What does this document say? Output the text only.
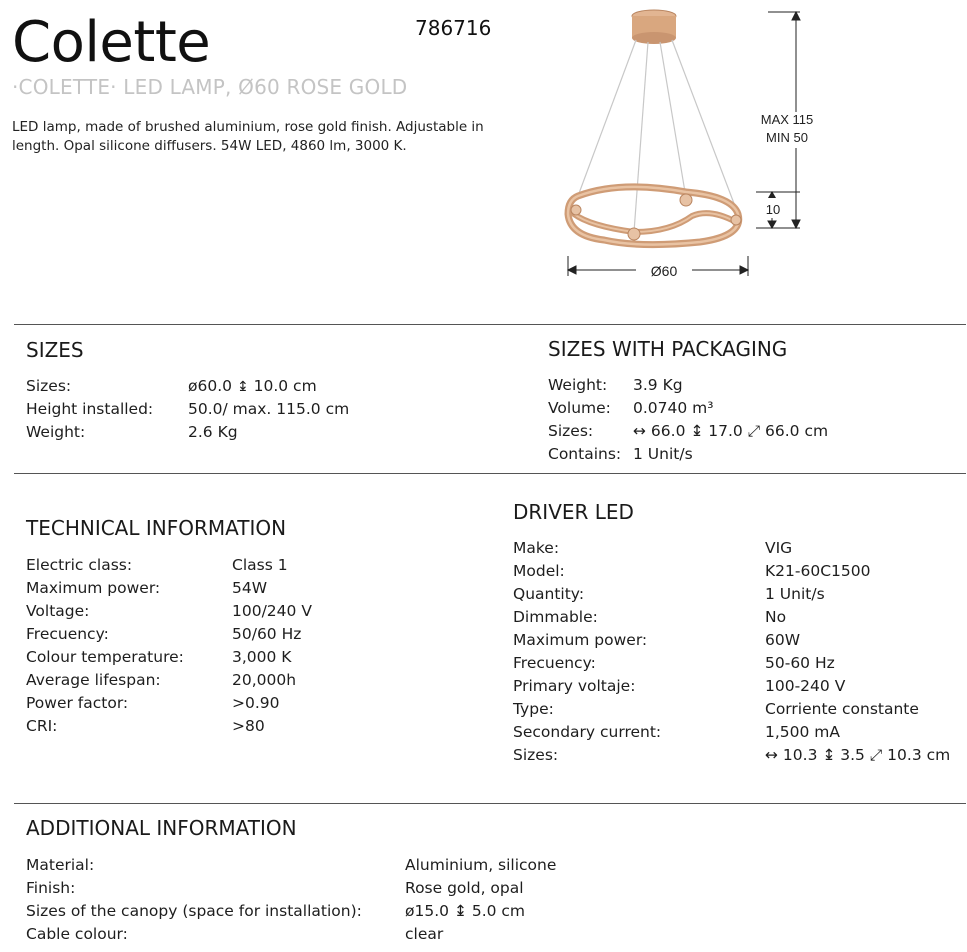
Colette	786716
·COLETTE· LED LAMP, Ø60 ROSE GOLD
LED lamp, made of brushed aluminium, rose gold finish. Adjustable in length. Opal silicone diffusers. 54W LED, 4860 lm, 3000 K.
MAX 115
MIN 50
10
Ø60
SIZES
Sizes:	ø60.0 ↨ 10.0 cm
Height installed: 50.0/ max. 115.0 cm
Weight:	2.6 Kg
SIZES WITH PACKAGING
Weight: 3.9 Kg
Volume: 0.0740 m³
Sizes:	↔ 66.0 ↨ 17.0 ⤢ 66.0 cm
Contains: 1 Unit/s
TECHNICAL INFORMATION
Electric class:	Class 1
Maximum power:	54W
Voltage:	100/240 V
Frecuency:	50/60 Hz
Colour temperature:	3,000 K
Average lifespan:	20,000h
Power factor:	>0.90
CRI:	>80
DRIVER LED
Make:	VIG
Model:	K21-60C1500
Quantity:	1 Unit/s
Dimmable:	No
Maximum power:	60W
Frecuency:	50-60 Hz
Primary voltaje:	100-240 V
Type:	Corriente constante
Secondary current:	1,500 mA
Sizes:	↔ 10.3 ↨ 3.5 ⤢ 10.3 cm
ADDITIONAL INFORMATION
Material:	Aluminium, silicone
Finish:	Rose gold, opal
Sizes of the canopy (space for installation):	ø15.0 ↨ 5.0 cm
Cable colour:	clear
